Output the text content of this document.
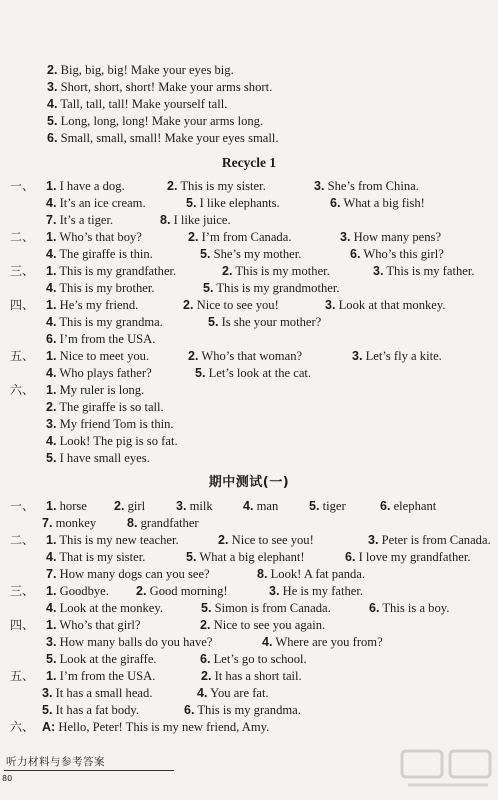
2. Big, big, big! Make your eyes big.
3. Short, short, short! Make your arms short.
4. Tall, tall, tall! Make yourself tall.
5. Long, long, long! Make your arms long.
6. Small, small, small! Make your eyes small.
Recycle 1
一、 1. I have a dog.	2. This is my sister.	3. She’s from China.
4. It’s an ice cream.	5. I like elephants.	6. What a big fish!
7. It’s a tiger.	8. I like juice.
二、 1. Who’s that boy?	2. I’m from Canada.	3. How many pens?
4. The giraffe is thin.	5. She’s my mother.	6. Who’s this girl?
三、 1. This is my grandfather.	2. This is my mother.	3. This is my father.
4. This is my brother.	5. This is my grandmother.
四、 1. He’s my friend.	2. Nice to see you!	3. Look at that monkey.
4. This is my grandma.	5. Is she your mother?
6. I’m from the USA.
五、 1. Nice to meet you.	2. Who’s that woman?	3. Let’s fly a kite.
4. Who plays father?	5. Let’s look at the cat.
六、 1. My ruler is long.
2. The giraffe is so tall.
3. My friend Tom is thin.
4. Look! The pig is so fat.
5. I have small eyes.
期中测试(一)
一、 1. horse 2. girl 3. milk 4. man 5. tiger	6. elephant
7. monkey 8. grandfather
二、 1. This is my new teacher.	2. Nice to see you!	3. Peter is from Canada.
4. That is my sister.	5. What a big elephant!	6. I love my grandfather.
7. How many dogs can you see?	8. Look! A fat panda.
三、 1. Goodbye. 2. Good morning!	3. He is my father.
4. Look at the monkey.	5. Simon is from Canada.	6. This is a boy.
四、 1. Who’s that girl?	2. Nice to see you again.
3. How many balls do you have?	4. Where are you from?
5. Look at the giraffe.	6. Let’s go to school.
五、 1. I’m from the USA.	2. It has a short tail.
3. It has a small head.	4. You are fat.
5. It has a fat body.	6. This is my grandma.
六、 A: Hello, Peter! This is my new friend, Amy.
听力材料与参考答案
80
